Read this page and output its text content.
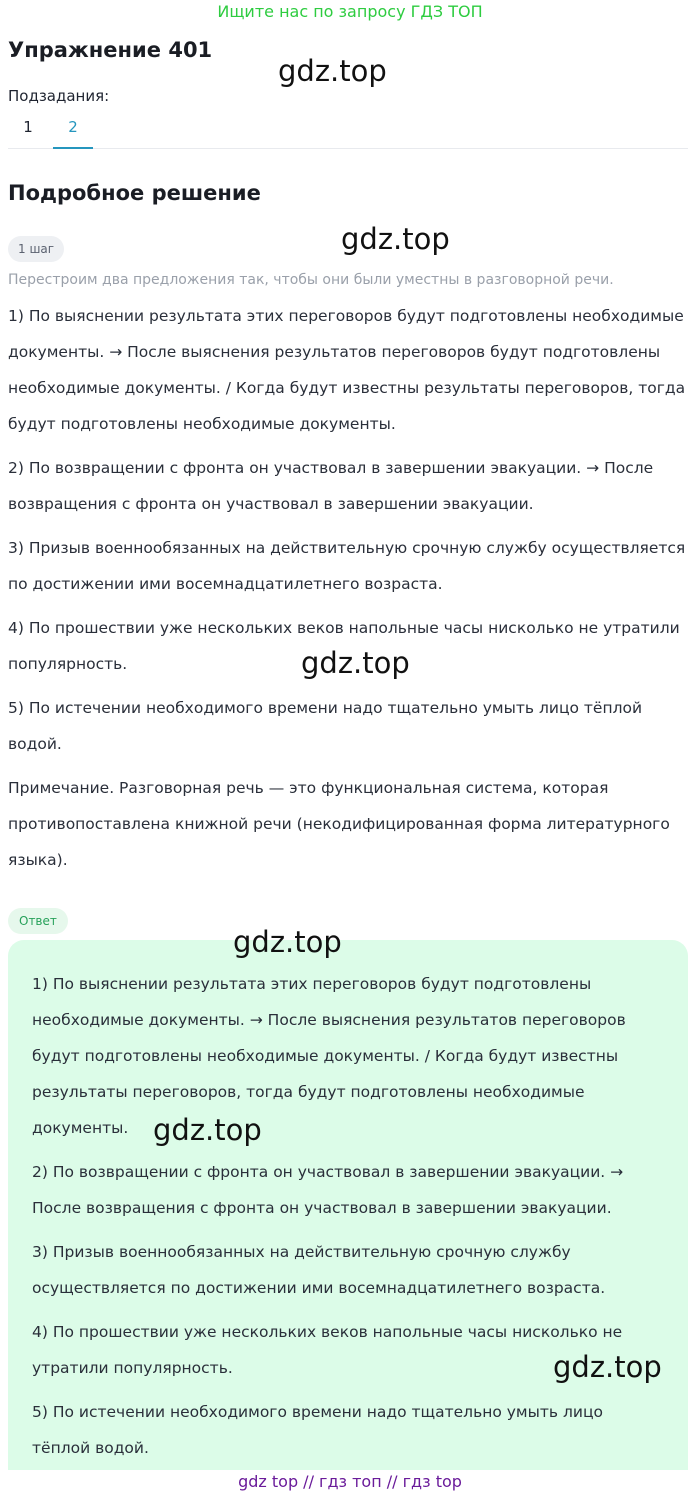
Ищите нас по запросу ГДЗ ТОП
Упражнение 401
Подзадания:
1	2
Подробное решение
1 шаг
Перестроим два предложения так, чтобы они были уместны в разговорной речи.

1) По выяснении результата этих переговоров будут подготовлены необходимые документы. → После выяснения результатов переговоров будут подготовлены необходимые документы. / Когда будут известны результаты переговоров, тогда будут подготовлены необходимые документы.

2) По возвращении с фронта он участвовал в завершении эвакуации. → После возвращения с фронта он участвовал в завершении эвакуации.

3) Призыв военнообязанных на действительную срочную службу осуществляется по достижении ими восемнадцатилетнего возраста.

4) По прошествии уже нескольких веков напольные часы нисколько не утратили популярность.

5) По истечении необходимого времени надо тщательно умыть лицо тёплой водой.

Примечание. Разговорная речь — это функциональная система, которая противопоставлена книжной речи (некодифицированная форма литературного языка).

Ответ

1) По выяснении результата этих переговоров будут подготовлены необходимые документы. → После выяснения результатов переговоров будут подготовлены необходимые документы. / Когда будут известны результаты переговоров, тогда будут подготовлены необходимые документы.

2) По возвращении с фронта он участвовал в завершении эвакуации. → После возвращения с фронта он участвовал в завершении эвакуации.

3) Призыв военнообязанных на действительную срочную службу осуществляется по достижении ими восемнадцатилетнего возраста.

4) По прошествии уже нескольких веков напольные часы нисколько не утратили популярность.

5) По истечении необходимого времени надо тщательно умыть лицо тёплой водой.

gdz.top
gdz.top
gdz.top
gdz.top
gdz.top
gdz.top
gdz top // гдз топ // гдз top
